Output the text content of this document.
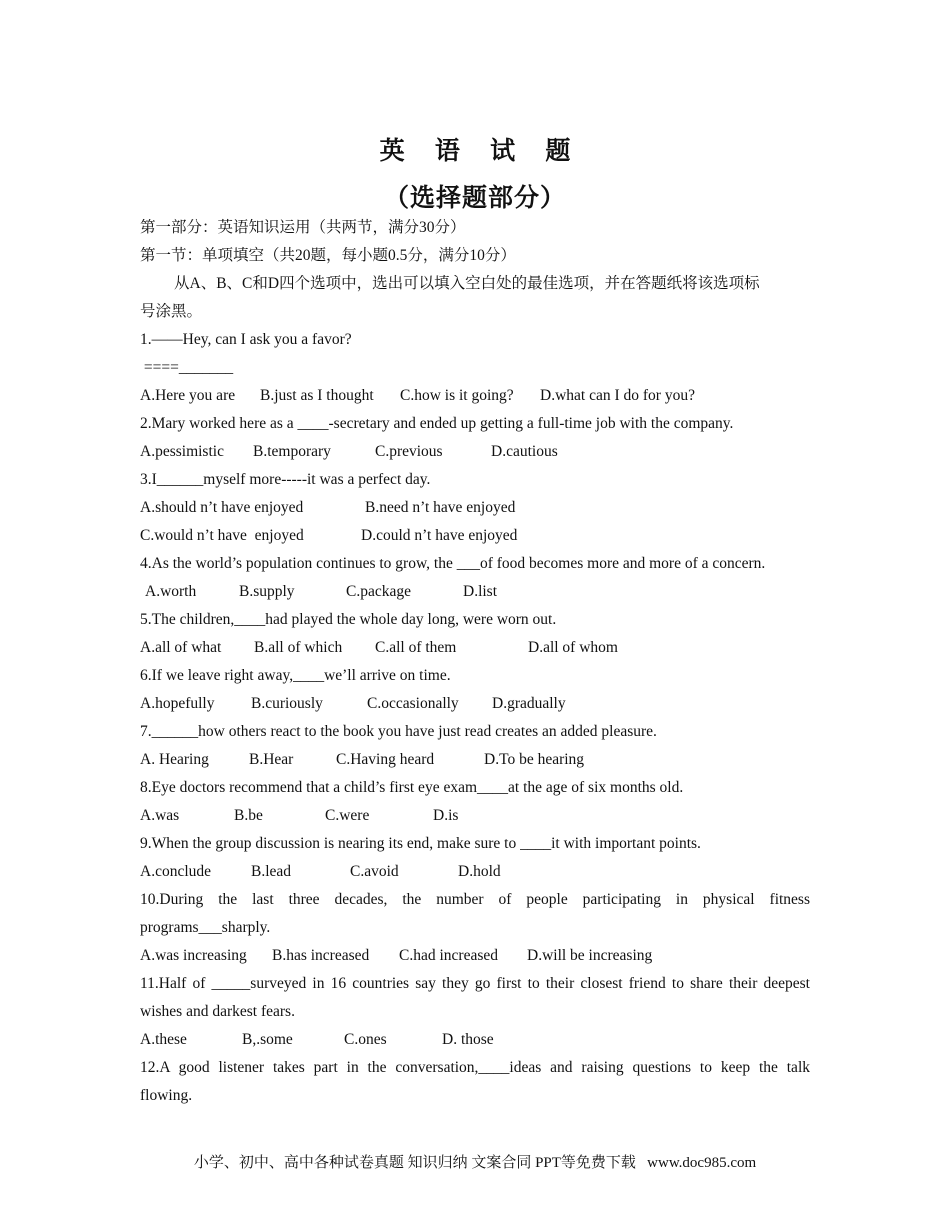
英 语 试 题
（选择题部分）
第一部分：英语知识运用（共两节，满分30分）
第一节：单项填空（共20题，每小题0.5分，满分10分）
从A、B、C和D四个选项中，选出可以填入空白处的最佳选项，并在答题纸将该选项标
号涂黑。
1.——Hey, can I ask you a favor?
====_______
A.Here you are B.just as I thought C.how is it going? D.what can I do for you?
2.Mary worked here as a ____-secretary and ended up getting a full-time job with the company.
A.pessimistic B.temporary	C.previous	D.cautious
3.I______myself more-----it was a perfect day.
A.should n’t have enjoyed	B.need n’t have enjoyed
C.would n’t have  enjoyed	D.could n’t have enjoyed
4.As the world’s population continues to grow, the ___of food becomes more and more of a concern.
A.worth	B.supply	C.package	D.list
5.The children,____had played the whole day long, were worn out.
A.all of what B.all of which C.all of them	D.all of whom
6.If we leave right away,____we’ll arrive on time.
A.hopefully B.curiously	C.occasionally D.gradually
7.______how others react to the book you have just read creates an added pleasure.
A. Hearing	B.Hear	C.Having heard	D.To be hearing
8.Eye doctors recommend that a child’s first eye exam____at the age of six months old.
A.was	B.be	C.were	D.is
9.When the group discussion is nearing its end, make sure to ____it with important points.
A.conclude	B.lead	C.avoid	D.hold
10.During the last three decades, the number of people participating in physical fitness
programs___sharply.
A.was increasing B.has increased C.had increased D.will be increasing
11.Half of _____surveyed in 16 countries say they go first to their closest friend to share their deepest
wishes and darkest fears.
A.these	B,.some	C.ones	D. those
12.A good listener takes part in the conversation,____ideas and raising questions to keep the talk
flowing.
小学、初中、高中各种试卷真题 知识归纳 文案合同 PPT等免费下载   www.doc985.com
